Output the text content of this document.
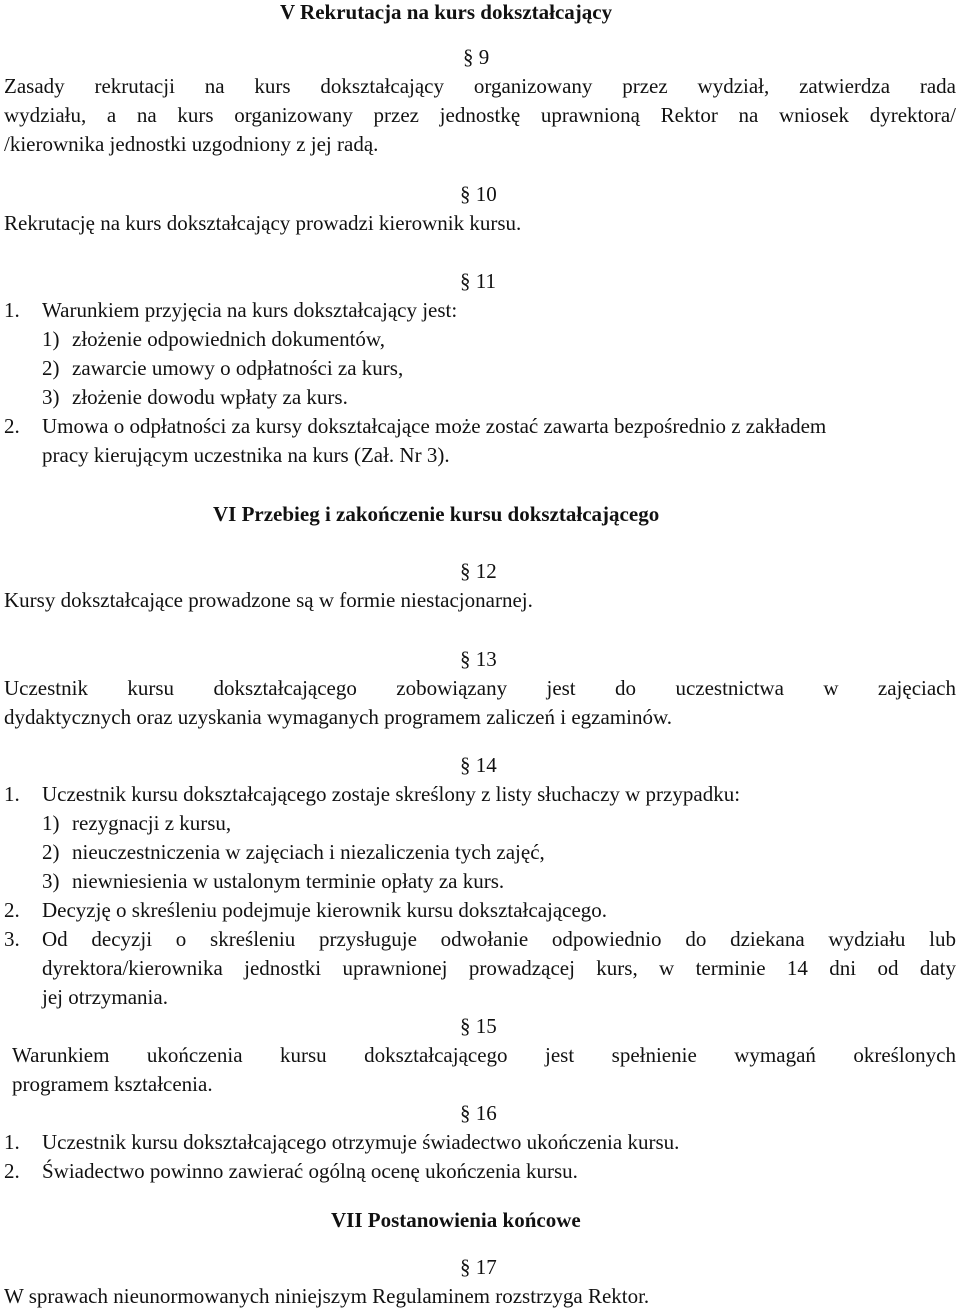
V Rekrutacja na kurs dokształcający
§ 9
Zasady rekrutacji na kurs dokształcający organizowany przez wydział, zatwierdza rada
wydziału, a na kurs organizowany przez jednostkę uprawnioną Rektor na wniosek dyrektora/
/kierownika jednostki uzgodniony z jej radą.
§ 10
Rekrutację na kurs dokształcający prowadzi kierownik kursu.
§ 11
1. Warunkiem przyjęcia na kurs dokształcający jest:
1) złożenie odpowiednich dokumentów,
2) zawarcie umowy o odpłatności za kurs,
3) złożenie dowodu wpłaty za kurs.
2. Umowa o odpłatności za kursy dokształcające może zostać zawarta bezpośrednio z zakładem
pracy kierującym uczestnika na kurs (Zał. Nr 3).
VI Przebieg i zakończenie kursu dokształcającego
§ 12
Kursy dokształcające prowadzone są w formie niestacjonarnej.
§ 13
Uczestnik kursu dokształcającego zobowiązany jest do uczestnictwa w zajęciach
dydaktycznych oraz uzyskania wymaganych programem zaliczeń i egzaminów.
§ 14
1. Uczestnik kursu dokształcającego zostaje skreślony z listy słuchaczy w przypadku:
1) rezygnacji z kursu,
2) nieuczestniczenia w zajęciach i niezaliczenia tych zajęć,
3) niewniesienia w ustalonym terminie opłaty za kurs.
2. Decyzję o skreśleniu podejmuje kierownik kursu dokształcającego.
3. Od decyzji o skreśleniu przysługuje odwołanie odpowiednio do dziekana wydziału lub
dyrektora/kierownika jednostki uprawnionej prowadzącej kurs, w terminie 14 dni od daty
jej otrzymania.
§ 15
Warunkiem ukończenia kursu dokształcającego jest spełnienie wymagań określonych
programem kształcenia.
§ 16
1. Uczestnik kursu dokształcającego otrzymuje świadectwo ukończenia kursu.
2. Świadectwo powinno zawierać ogólną ocenę ukończenia kursu.
VII Postanowienia końcowe
§ 17
W sprawach nieunormowanych niniejszym Regulaminem rozstrzyga Rektor.
